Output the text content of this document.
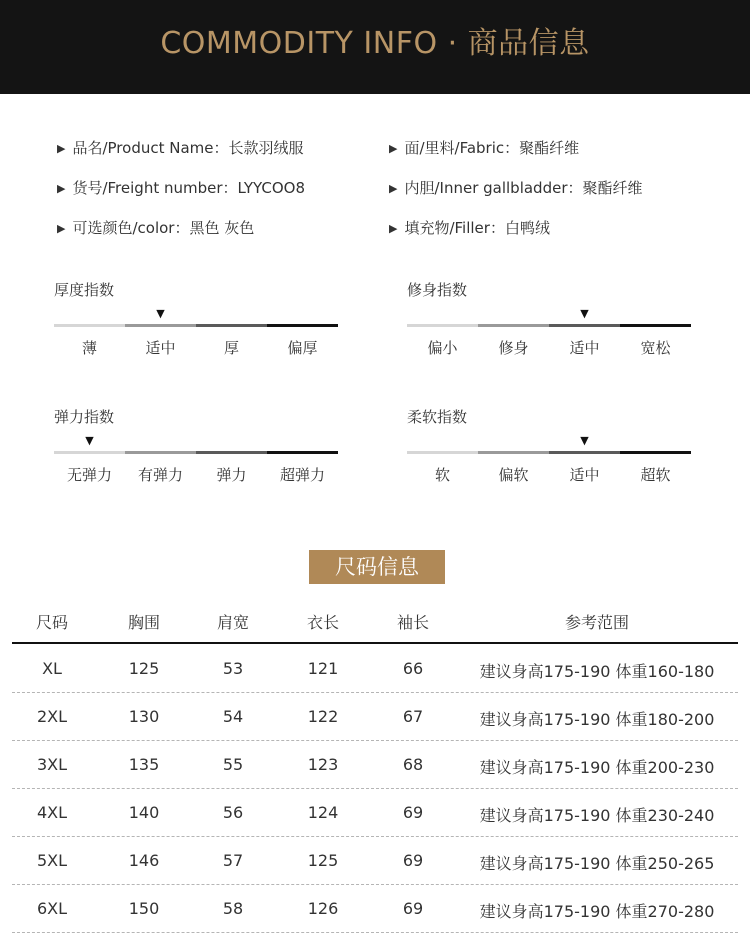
COMMODITY INFO · 商品信息
▶ 品名/Product Name：长款羽绒服
▶ 货号/Freight number：LYYCOO8
▶ 可选颜色/color：黑色 灰色
▶ 面/里料/Fabric：聚酯纤维
▶ 内胆/Inner gallbladder：聚酯纤维
▶ 填充物/Filler：白鸭绒
厚度指数
薄	适中	厚	偏厚
▼
修身指数
偏小	修身	适中	宽松
▼
弹力指数
无弹力	有弹力	弹力	超弹力
▼
柔软指数
软	偏软	适中	超软
▼
尺码信息
尺码	胸围	肩宽	衣长	袖长	参考范围
XL	125	53	121	66	建议身高175-190 体重160-180
2XL	130	54	122	67	建议身高175-190 体重180-200
3XL	135	55	123	68	建议身高175-190 体重200-230
4XL	140	56	124	69	建议身高175-190 体重230-240
5XL	146	57	125	69	建议身高175-190 体重250-265
6XL	150	58	126	69	建议身高175-190 体重270-280
